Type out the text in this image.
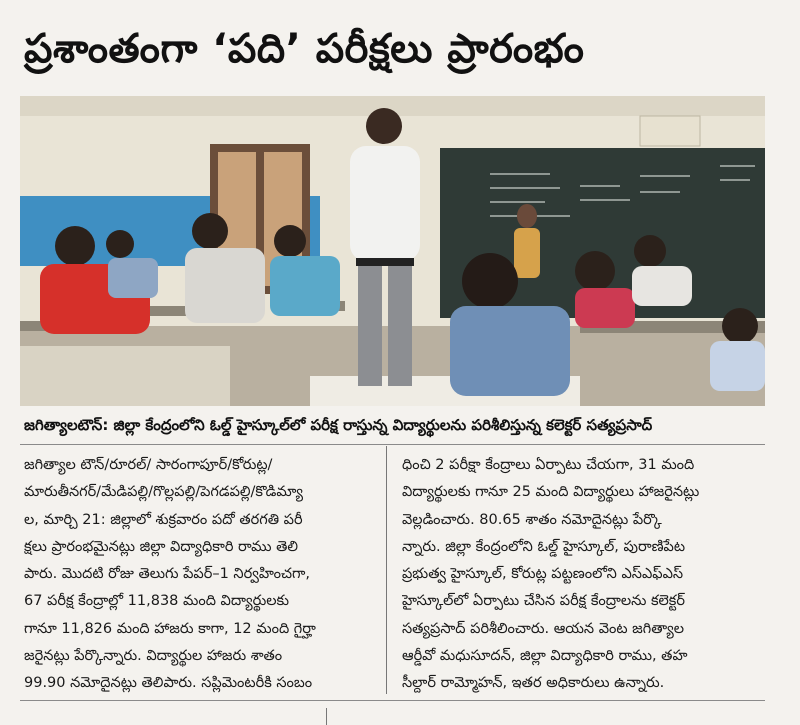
ప్రశాంతంగా ‘పది’ పరీక్షలు ప్రారంభం
జగిత్యాలటౌన్: జిల్లా కేంద్రంలోని ఓల్డ్ హైస్కూల్‌లో పరీక్ష రాస్తున్న విద్యార్థులను పరిశీలిస్తున్న కలెక్టర్ సత్యప్రసాద్
జగిత్యాల టౌన్/రూరల్/ సారంగాపూర్/కోరుట్ల/
మారుతీనగర్/మేడిపల్లి/గొల్లపల్లి/పెగడపల్లి/కొడిమ్యా
ల, మార్చి 21: జిల్లాలో శుక్రవారం పదో తరగతి పరీ
క్షలు ప్రారంభమైనట్లు జిల్లా విద్యాధికారి రాము తెలి
పారు. మొదటి రోజు తెలుగు పేపర్–1 నిర్వహించగా,
67 పరీక్ష కేంద్రాల్లో 11,838 మంది విద్యార్థులకు
గానూ 11,826 మంది హాజరు కాగా, 12 మంది గైర్హా
జరైనట్లు పేర్కొన్నారు. విద్యార్థుల హాజరు శాతం
99.90 నమోదైనట్లు తెలిపారు. సప్లిమెంటరీకి సంబం
ధించి 2 పరీక్షా కేంద్రాలు ఏర్పాటు చేయగా, 31 మంది
విద్యార్థులకు గానూ 25 మంది విద్యార్థులు హాజరైనట్లు
వెల్లడించారు. 80.65 శాతం నమోదైనట్లు పేర్కొ
న్నారు. జిల్లా కేంద్రంలోని ఓల్డ్ హైస్కూల్, పురాణిపేట
ప్రభుత్వ హైస్కూల్, కోరుట్ల పట్టణంలోని ఎస్ఎఫ్ఎస్
హైస్కూల్‌లో ఏర్పాటు చేసిన పరీక్ష కేంద్రాలను కలెక్టర్
సత్యప్రసాద్ పరిశీలించారు. ఆయన వెంట జగిత్యాల
ఆర్డీవో మధుసూదన్, జిల్లా విద్యాధికారి రాము, తహ
సీల్దార్ రామ్మోహన్, ఇతర అధికారులు ఉన్నారు.
